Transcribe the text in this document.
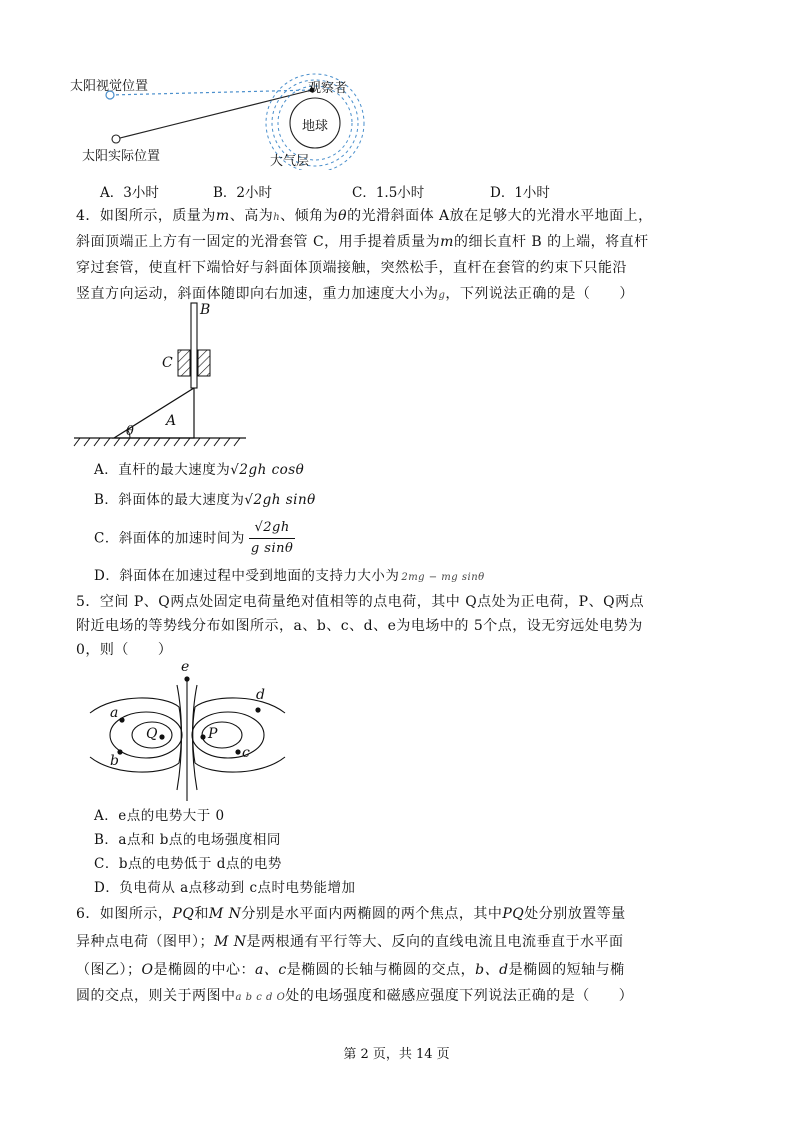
太阳视觉位置
太阳实际位置
观察者
地球
大气层
A．3小时	B．2小时	C．1.5小时	D．1小时
4．如图所示，质量为m、高为h、倾角为θ的光滑斜面体 A放在足够大的光滑水平地面上，
斜面顶端正上方有一固定的光滑套管 C，用手提着质量为m的细长直杆 B 的上端，将直杆
穿过套管，使直杆下端恰好与斜面体顶端接触，突然松手，直杆在套管的约束下只能沿
竖直方向运动，斜面体随即向右加速，重力加速度大小为g，下列说法正确的是（　　）
B
C
A
θ
A．直杆的最大速度为√2gh cosθ
B．斜面体的最大速度为√2gh sinθ
C．斜面体的加速时间为 $\frac{√2gh}{\text{g sinθ}}$
D．斜面体在加速过程中受到地面的支持力大小为 2mg − mg sinθ
5．空间 P、Q两点处固定电荷量绝对值相等的点电荷，其中 Q点处为正电荷，P、Q两点
附近电场的等势线分布如图所示，a、b、c、d、e为电场中的 5个点，设无穷远处电势为
0，则（　　）
e
d
a
Q	P
b	c
A．e点的电势大于 0
B．a点和 b点的电场强度相同
C．b点的电势低于 d点的电势
D．负电荷从 a点移动到 c点时电势能增加
6．如图所示，PQ和M N分别是水平面内两椭圆的两个焦点，其中PQ处分别放置等量
异种点电荷（图甲）；M N是两根通有平行等大、反向的直线电流且电流垂直于水平面
（图乙）；O是椭圆的中心：a、c是椭圆的长轴与椭圆的交点，b、d是椭圆的短轴与椭
圆的交点，则关于两图中a b c d O处的电场强度和磁感应强度下列说法正确的是（　　）
第 2 页，共 14 页
